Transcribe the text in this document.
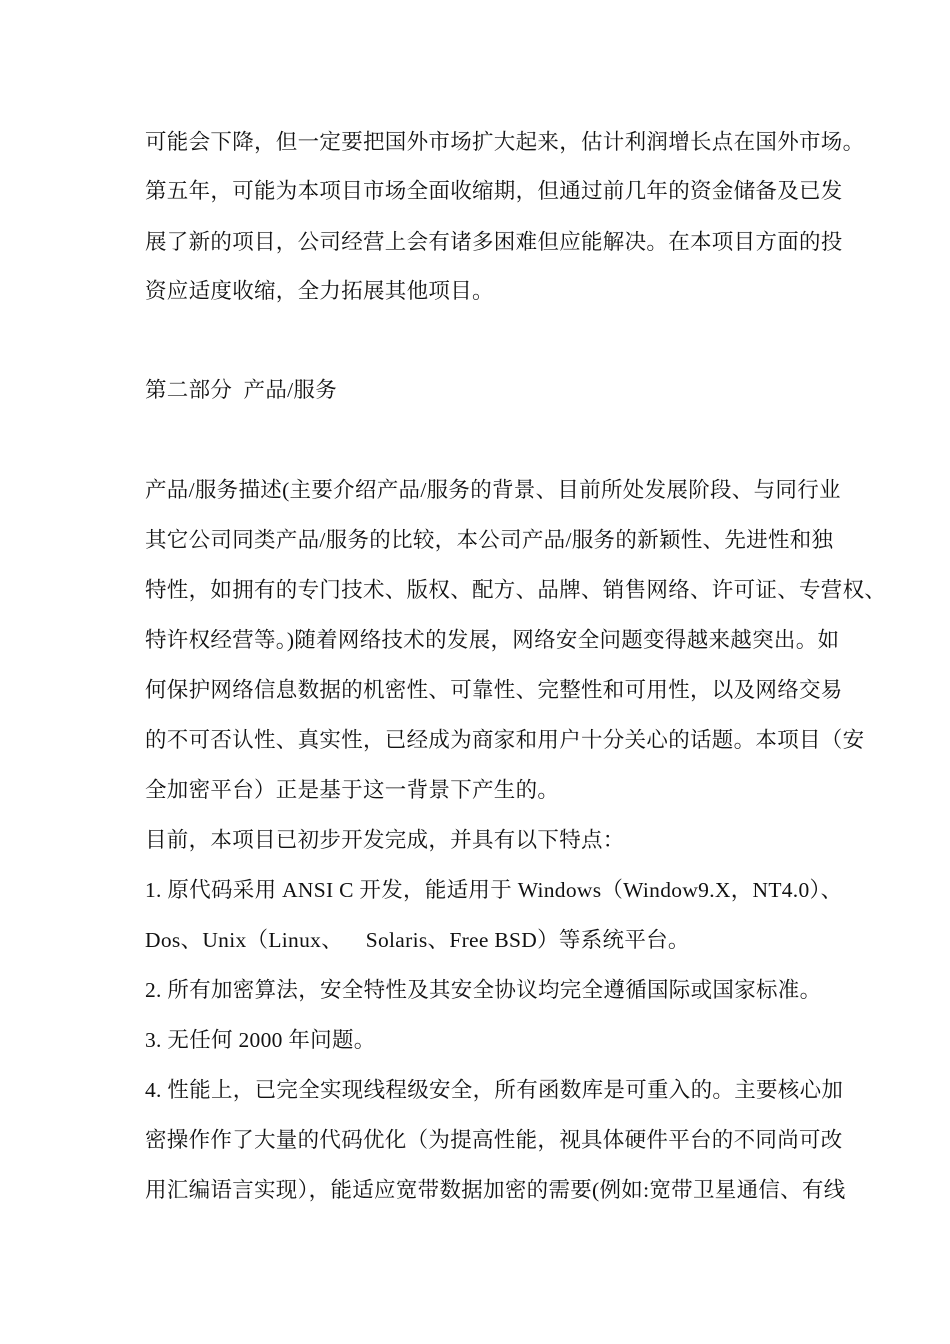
可能会下降，但一定要把国外市场扩大起来，估计利润增长点在国外市场。
第五年，可能为本项目市场全面收缩期，但通过前几年的资金储备及已发
展了新的项目，公司经营上会有诸多困难但应能解决。在本项目方面的投
资应适度收缩，全力拓展其他项目。
第二部分  产品/服务
产品/服务描述(主要介绍产品/服务的背景、目前所处发展阶段、与同行业
其它公司同类产品/服务的比较，本公司产品/服务的新颖性、先进性和独
特性，如拥有的专门技术、版权、配方、品牌、销售网络、许可证、专营权、
特许权经营等。)随着网络技术的发展，网络安全问题变得越来越突出。如
何保护网络信息数据的机密性、可靠性、完整性和可用性，以及网络交易
的不可否认性、真实性，已经成为商家和用户十分关心的话题。本项目（安
全加密平台）正是基于这一背景下产生的。
目前，本项目已初步开发完成，并具有以下特点：
1. 原代码采用 ANSI C 开发，能适用于 Windows（Window9.X，NT4.0）、
Dos、Unix（Linux、    Solaris、Free BSD）等系统平台。
2. 所有加密算法，安全特性及其安全协议均完全遵循国际或国家标准。
3. 无任何 2000 年问题。
4. 性能上，已完全实现线程级安全，所有函数库是可重入的。主要核心加
密操作作了大量的代码优化（为提高性能，视具体硬件平台的不同尚可改
用汇编语言实现），能适应宽带数据加密的需要(例如:宽带卫星通信、有线
